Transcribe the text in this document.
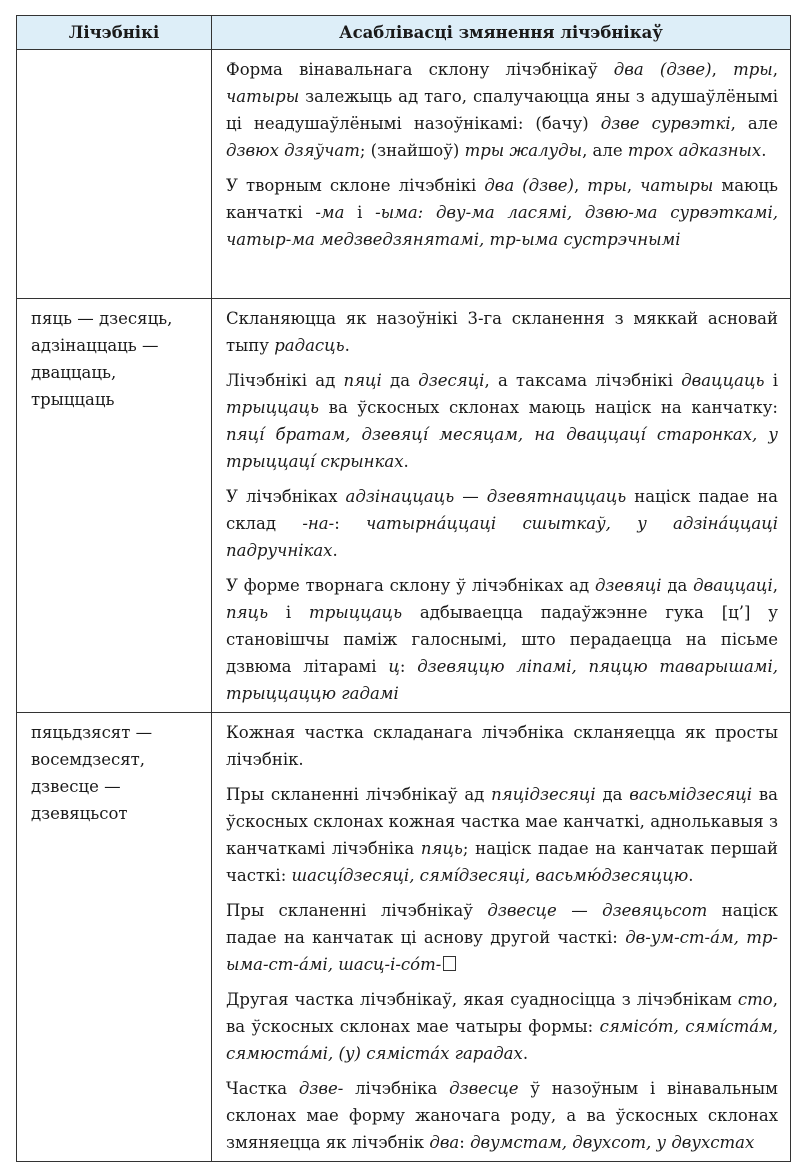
Лічэбнікі	Асаблівасці змянення лічэбнікаў

	Форма вінавальнага склону лічэбнікаў два (дзве), тры, чатыры залежыць ад таго, спалучаюцца яны з адушаўлёнымі ці неадушаўлёнымі назоўнікамі: (бачу) дзве сурвэткі, але дзвюх дзяўчат; (знайшоў) тры жалуды, але трох адказных.
У творным склоне лічэбнікі два (дзве), тры, чатыры маюць канчаткі -ма і -ыма: дву-ма ласямі, дзвю-ма сурвэткамі, чатыр-ма медзведзянятамі, тр-ыма сустрэчнымі

пяць — дзесяць, адзінаццаць — дваццаць, трыццаць	Скланяюцца як назоўнікі 3-га скланення з мяккай асновай тыпу радасць.
Лічэбнікі ад пяці да дзесяці, а таксама лічэбнікі дваццаць і трыццаць ва ўскосных склонах маюць націск на канчатку: пяці́ братам, дзевяці́ месяцам, на дваццаці́ старонках, у трыццаці́ скрынках.
У лічэбніках адзінаццаць — дзевятнаццаць націск падае на склад -на-: чатырна́ццаці сшыткаў, у адзіна́ццаці падручніках.
У форме творнага склону ў лічэбніках ад дзевяці да дваццаці, пяць і трыццаць адбываецца падаўжэнне гука [ц’] у становішчы паміж галоснымі, што перадаецца на пісьме дзвюма літарамі ц: дзевяццю ліпамі, пяццю таварышамі, трыццаццю гадамі

пяцьдзясят — восемдзесят, дзвесце — дзевяцьсот	Кожная частка складанага лічэбніка скланяецца як просты лічэбнік.
Пры скланенні лічэбнікаў ад пяцідзесяці да васьмідзесяці ва ўскосных склонах кожная частка мае канчаткі, аднолькавыя з канчаткамі лічэбніка пяць; націск падае на канчатак першай часткі: шасці́дзесяці, сямі́дзесяці, васьмю́дзесяццю.
Пры скланенні лічэбнікаў дзвесце — дзевяцьсот націск падае на канчатак ці аснову другой часткі: дв-ум-ст-а́м, тр-ыма-ст-а́мі, шасц-і-со́т-
Другая частка лічэбнікаў, якая суадносіцца з лічэбнікам сто, ва ўскосных склонах мае чатыры формы: сямісо́т, сямі́ста́м, сямюста́мі, (у) сяміста́х гарадах.
Частка дзве- лічэбніка дзвесце ў назоўным і вінавальным склонах мае форму жаночага роду, а ва ўскосных склонах змяняецца як лічэбнік два: двумстам, двухсот, у двухстах
